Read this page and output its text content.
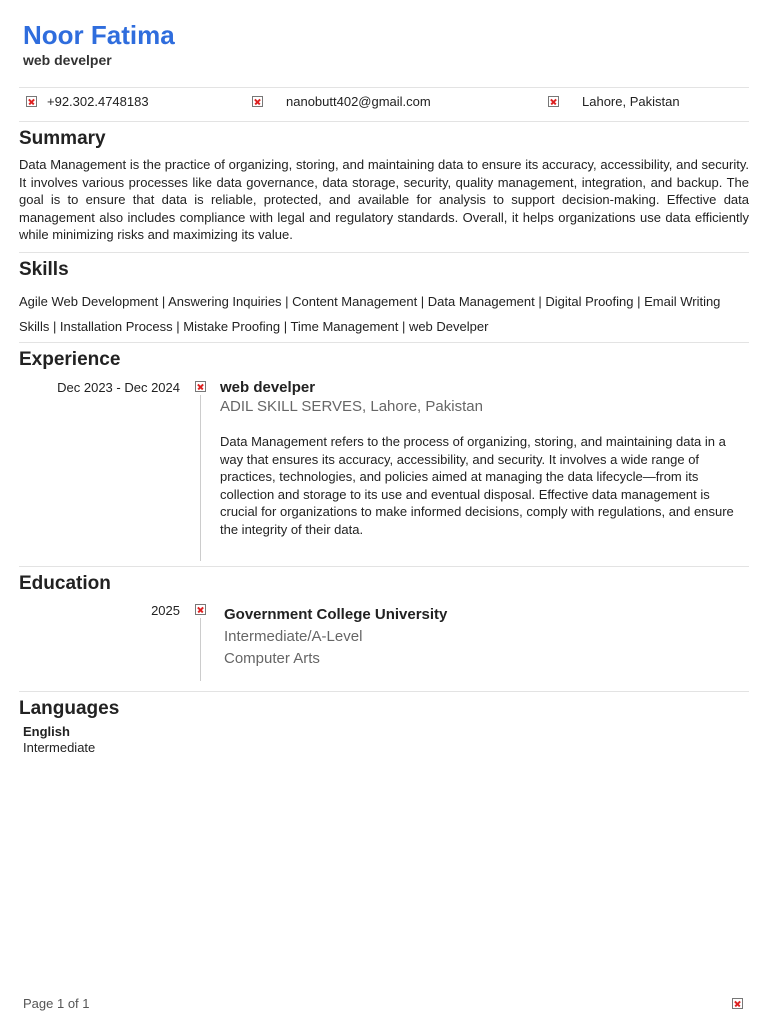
Noor Fatima
web develper
+92.302.4748183	nanobutt402@gmail.com	Lahore, Pakistan
Summary
Data Management is the practice of organizing, storing, and maintaining data to ensure its accuracy, accessibility, and security. It involves various processes like data governance, data storage, security, quality management, integration, and backup. The goal is to ensure that data is reliable, protected, and available for analysis to support decision-making. Effective data management also includes compliance with legal and regulatory standards. Overall, it helps organizations use data efficiently while minimizing risks and maximizing its value.
Skills
Agile Web Development | Answering Inquiries | Content Management | Data Management | Digital Proofing | Email Writing Skills | Installation Process | Mistake Proofing | Time Management | web Develper
Experience
Dec 2023 - Dec 2024	web develper
ADIL SKILL SERVES, Lahore, Pakistan
Data Management refers to the process of organizing, storing, and maintaining data in a way that ensures its accuracy, accessibility, and security. It involves a wide range of practices, technologies, and policies aimed at managing the data lifecycle—from its collection and storage to its use and eventual disposal. Effective data management is crucial for organizations to make informed decisions, comply with regulations, and ensure the integrity of their data.
Education
2025	Government College University
Intermediate/A-Level
Computer Arts
Languages
English
Intermediate
Page 1 of 1
